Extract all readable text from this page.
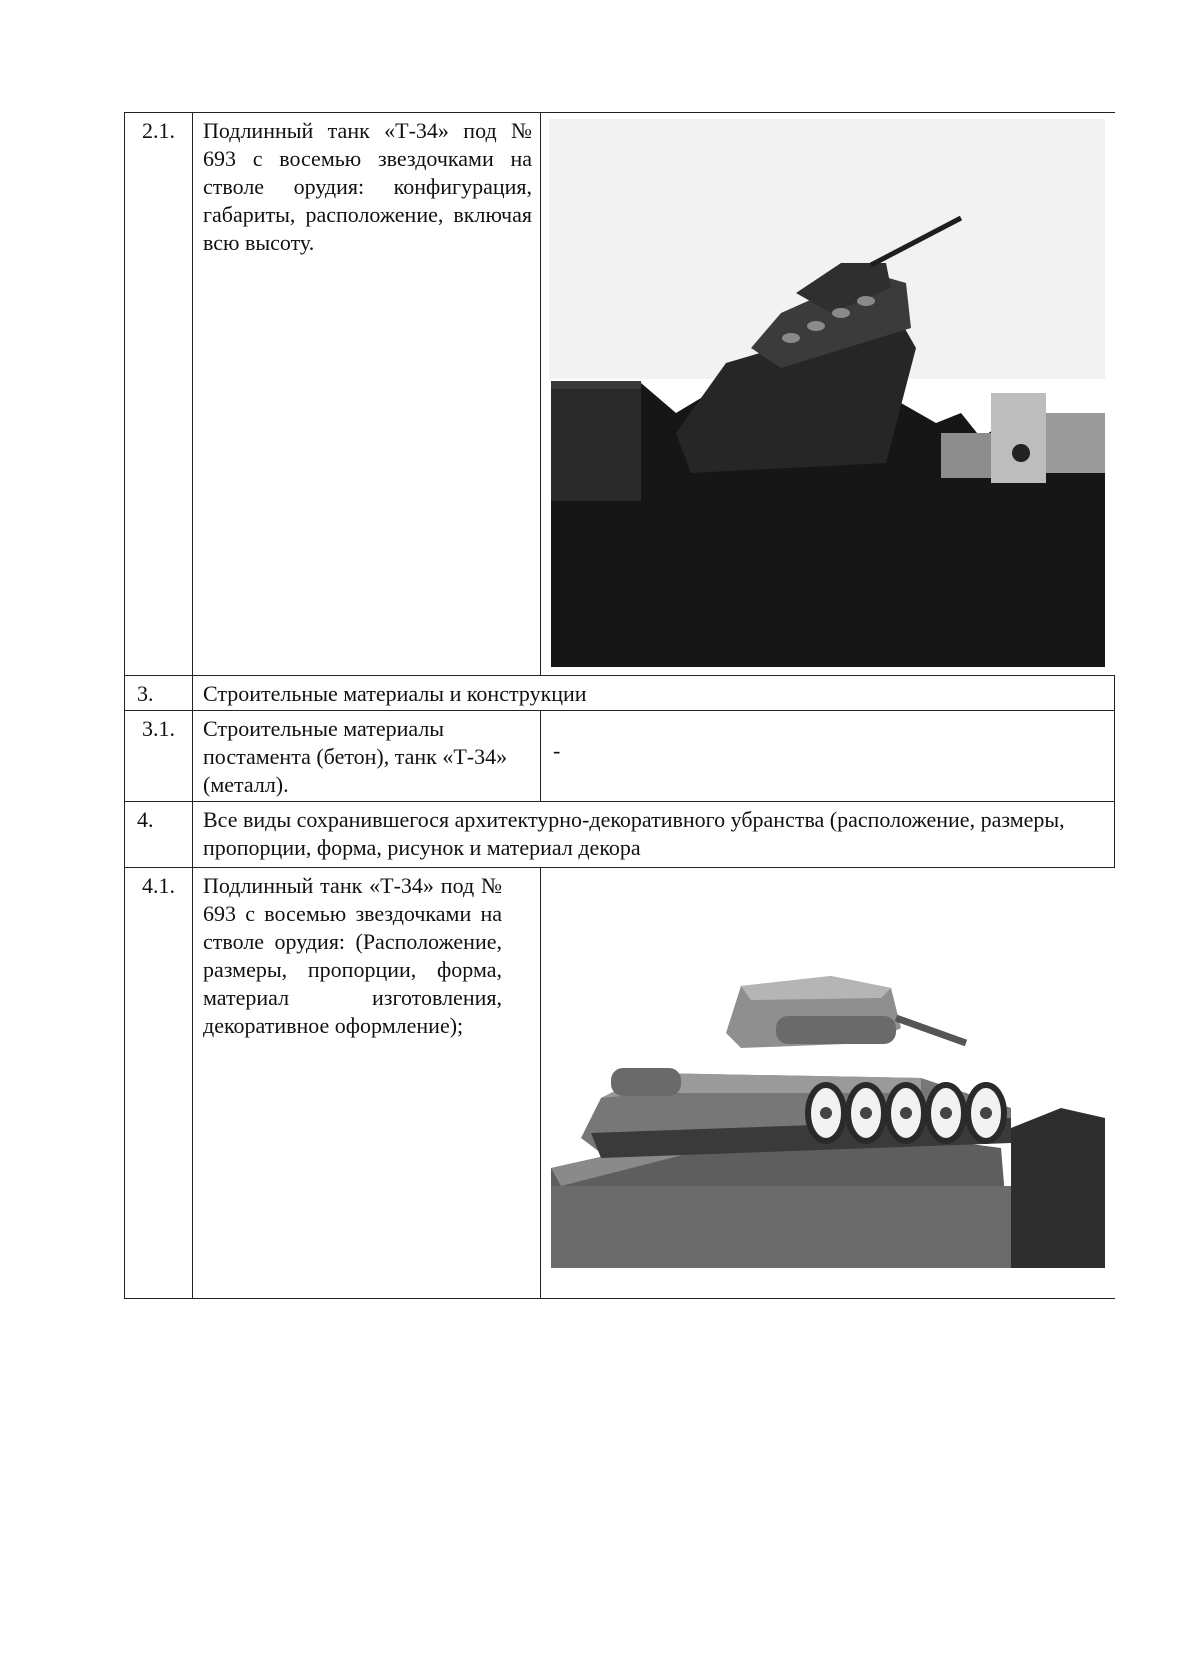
2.1.	Подлинный танк «Т-34» под № 693 с восемью звездочками на стволе орудия: конфигурация, габариты, расположение, включая всю высоту.	

3.	Строительные материалы и конструкции	
3.1.	Строительные материалы постамента (бетон), танк «Т-34» (металл).	-

4.	Все виды сохранившегося архитектурно-декоративного убранства (расположение, размеры, пропорции, форма, рисунок и материал декора	
4.1.	Подлинный танк «Т-34» под № 693 с восемью звездочками на стволе орудия: (Расположение, размеры, пропорции, форма, материал изготовления, декоративное оформление);	
